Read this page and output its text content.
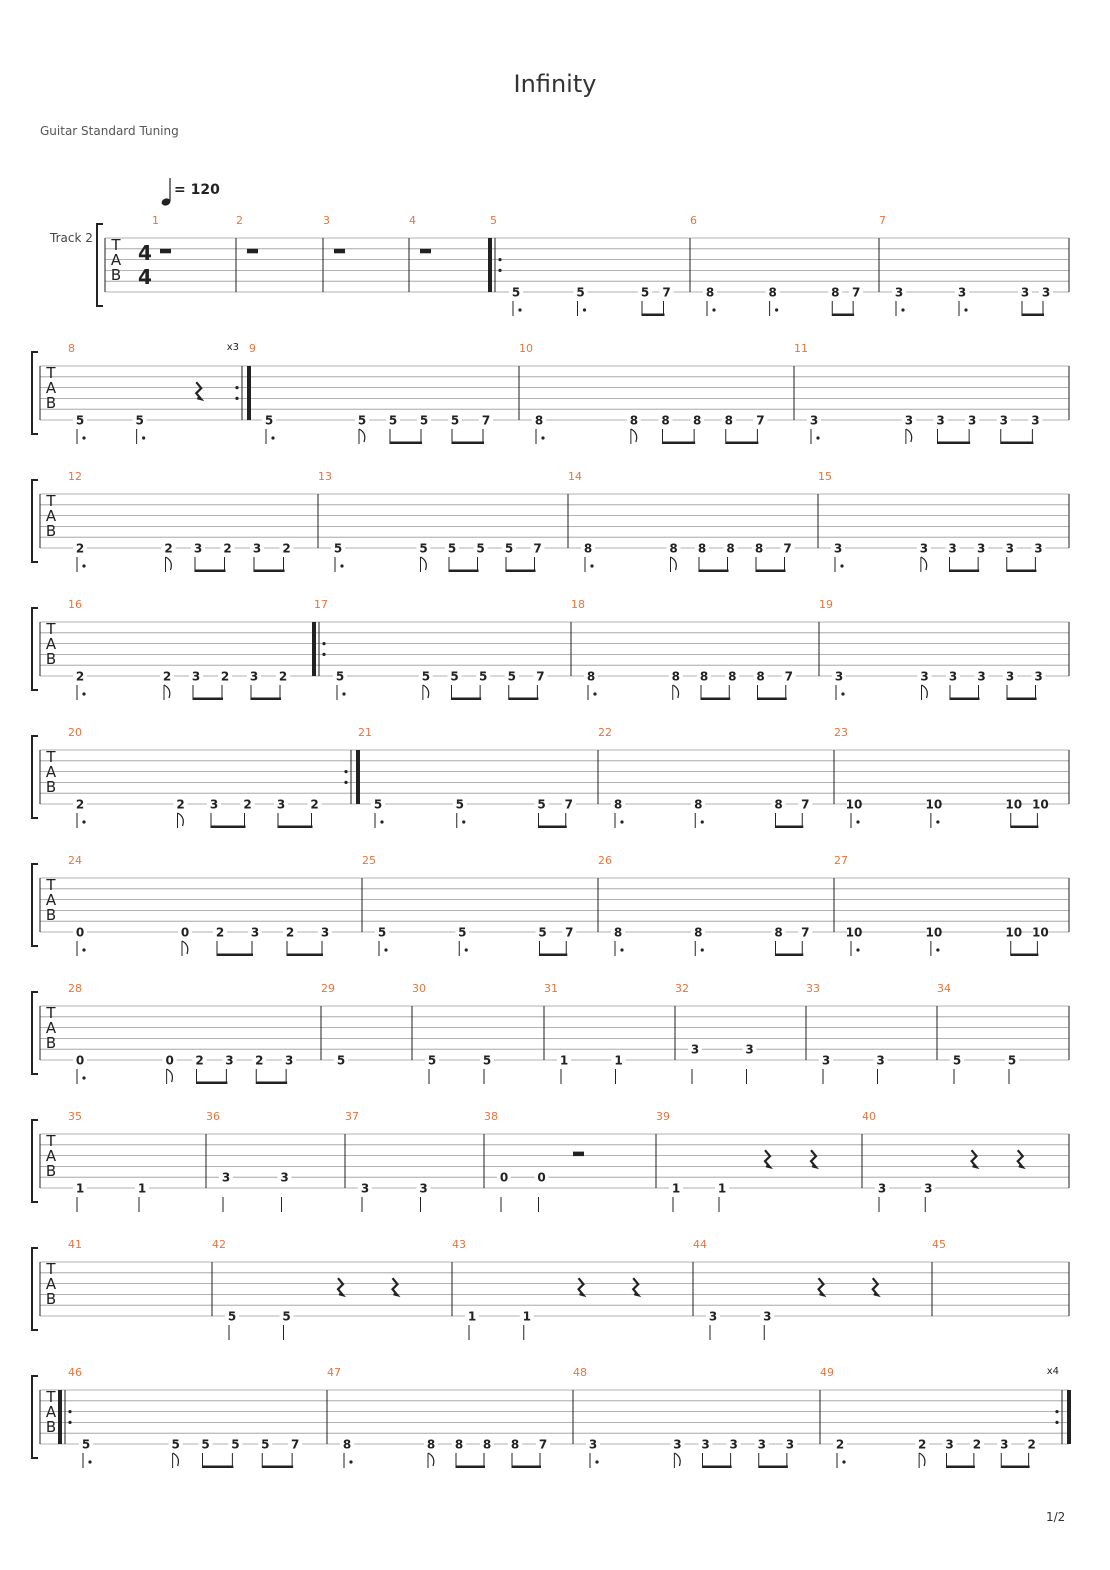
Infinity
Guitar Standard Tuning
= 120
T
A
B
Track 2
4
4
1	2	3	4	5
5	5	5 7
6
8	8	8 7
7
3	3	3 3
T
A
B
8	x3
5	5
9
5	5 5 5 5 7
10
8	8 8 8 8 7
11
3	3 3 3 3 3
T
A
B
12
2	2 3 2 3 2
13
5	5 5 5 5 7
14
8	8 8 8 8 7
15
3	3 3 3 3 3
T
A
B
16
2	2 3 2 3 2
17
5	5 5 5 5 7
18
8	8 8 8 8 7
19
3	3 3 3 3 3
T
A
B
20
2	2 3 2 3 2
21
5	5	5 7
22
8	8	8 7
23
10	10	10 10
T
A
B
24
0	0 2 3 2 3
25
5	5	5 7
26
8	8	8 7
27
10	10	10 10
T
A
B
28
0	0 2 3 2 3
29
5
30
5	5
31
1	1
32
3	3
33
3	3
34
5	5
T
A
B
35
1	1
36
3	3
37
3	3
38
0 0
39
1	1
40
3	3
T
A
B
41	42
5	5
43
1	1
44
3	3
45
T
A
B
46
5	5 5 5 5 7
47
8	8 8 8 8 7
48
3	3 3 3 3 3
49	x4
2	2 3 2 3 2
1/2
